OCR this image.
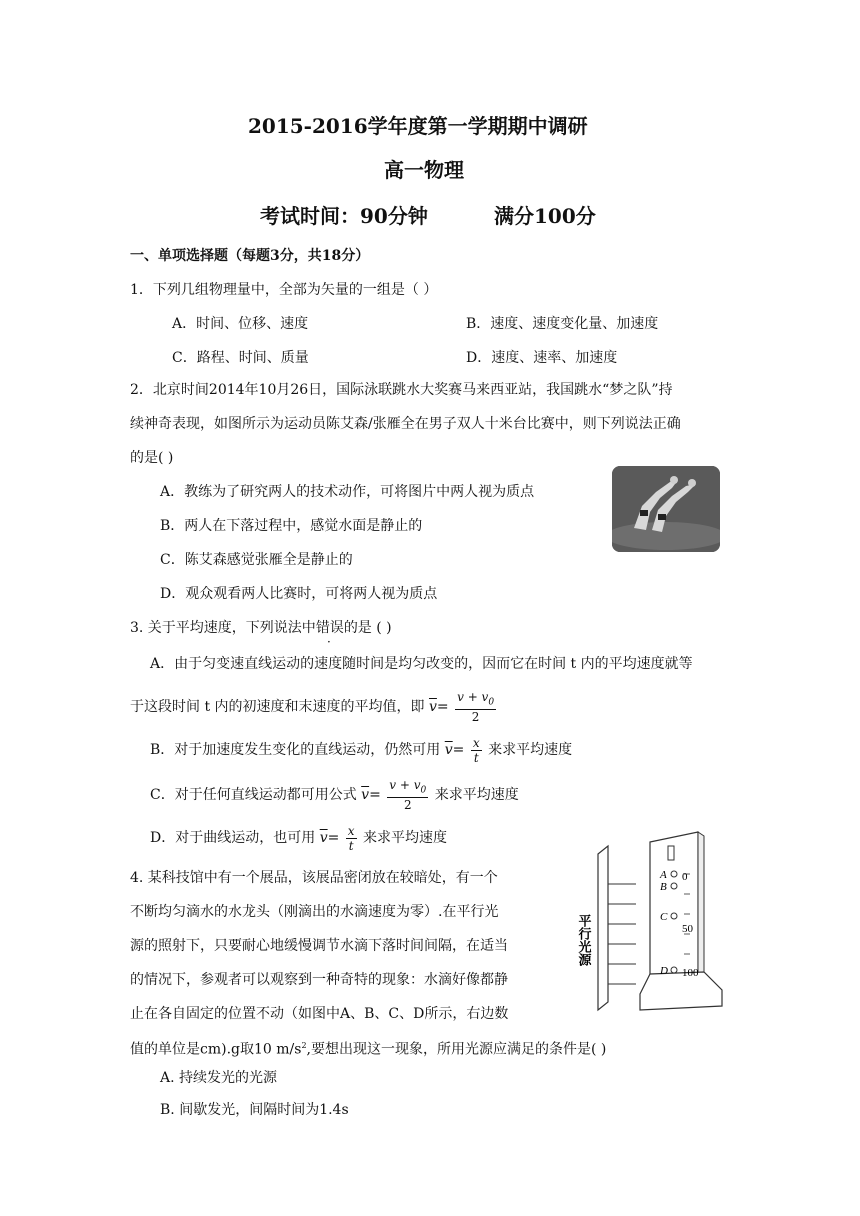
2015-2016学年度第一学期期中调研
高一物理
考试时间：90分钟	满分100分
一、单项选择题（每题3分，共18分）
1．下列几组物理量中，全部为矢量的一组是（ ）
A．时间、位移、速度	B．速度、速度变化量、加速度
C．路程、时间、质量	D．速度、速率、加速度
2．北京时间2014年10月26日，国际泳联跳水大奖赛马来西亚站，我国跳水“梦之队”持
续神奇表现，如图所示为运动员陈艾森/张雁全在男子双人十米台比赛中，则下列说法正确
的是( )
A．教练为了研究两人的技术动作，可将图片中两人视为质点
B．两人在下落过程中，感觉水面是静止的
C．陈艾森感觉张雁全是静止的
D．观众观看两人比赛时，可将两人视为质点
3. 关于平均速度，下列说法中错误的是 ( )
A．由于匀变速直线运动的速度随时间是均匀改变的，因而它在时间 t 内的平均速度就等
于这段时间 t 内的初速度和末速度的平均值，即 $\overline{v}= \frac{v + v_0}{2}$
B．对于加速度发生变化的直线运动，仍然可用 $\overline{v}= \frac{x}{t}$ 来求平均速度
C．对于任何直线运动都可用公式 $\overline{v}= \frac{v + v_0}{2}$ 来求平均速度
D．对于曲线运动，也可用 $\overline{v}= \frac{x}{t}$ 来求平均速度
4. 某科技馆中有一个展品，该展品密闭放在较暗处，有一个
不断均匀滴水的水龙头（刚滴出的水滴速度为零）.在平行光
源的照射下，只要耐心地缓慢调节水滴下落时间间隔，在适当
的情况下，参观者可以观察到一种奇特的现象：水滴好像都静
止在各自固定的位置不动（如图中A、B、C、D所示，右边数
值的单位是cm).g取10 $m/s^2$,要想出现这一现象，所用光源应满足的条件是( )
A. 持续发光的光源
B. 间歇发光，间隔时间为1.4s
平行光源
A
B
C
D
0
50
100
